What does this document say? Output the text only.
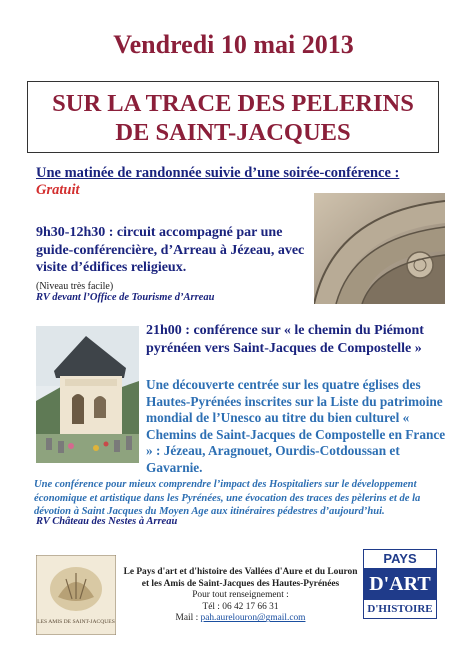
Vendredi 10 mai 2013
SUR LA TRACE DES PELERINS
DE SAINT-JACQUES
Une matinée de randonnée suivie d’une soirée-conférence :
Gratuit
9h30-12h30 : circuit accompagné par une guide-conférencière, d’Arreau à Jézeau, avec visite d’édifices religieux.
(Niveau très facile)
RV devant l’Office de Tourisme d’Arreau
21h00 : conférence sur « le chemin du Piémont pyrénéen vers Saint-Jacques de Compostelle »
Une découverte centrée sur les quatre églises des Hautes-Pyrénées inscrites sur la Liste du patrimoine mondial de l’Unesco au titre du bien culturel « Chemins de Saint-Jacques de Compostelle en France » : Jézeau, Aragnouet, Ourdis-Cotdoussan et Gavarnie.
Une conférence pour mieux comprendre l’impact des Hospitaliers sur le développement économique et artistique dans les Pyrénées, une évocation des traces des pèlerins et de la dévotion à Saint Jacques du Moyen Age aux itinéraires pédestres d’aujourd’hui.
RV Château des Nestes à Arreau
LES AMIS DE SAINT-JACQUES
Le Pays d'art et d'histoire des Vallées d'Aure et du Louron
et les Amis de Saint-Jacques des Hautes-Pyrénées
Pour tout renseignement :
Tél : 06 42 17 66 31
Mail : pah.aurelouron@gmail.com
PAYS
D'ART
D'HISTOIRE
